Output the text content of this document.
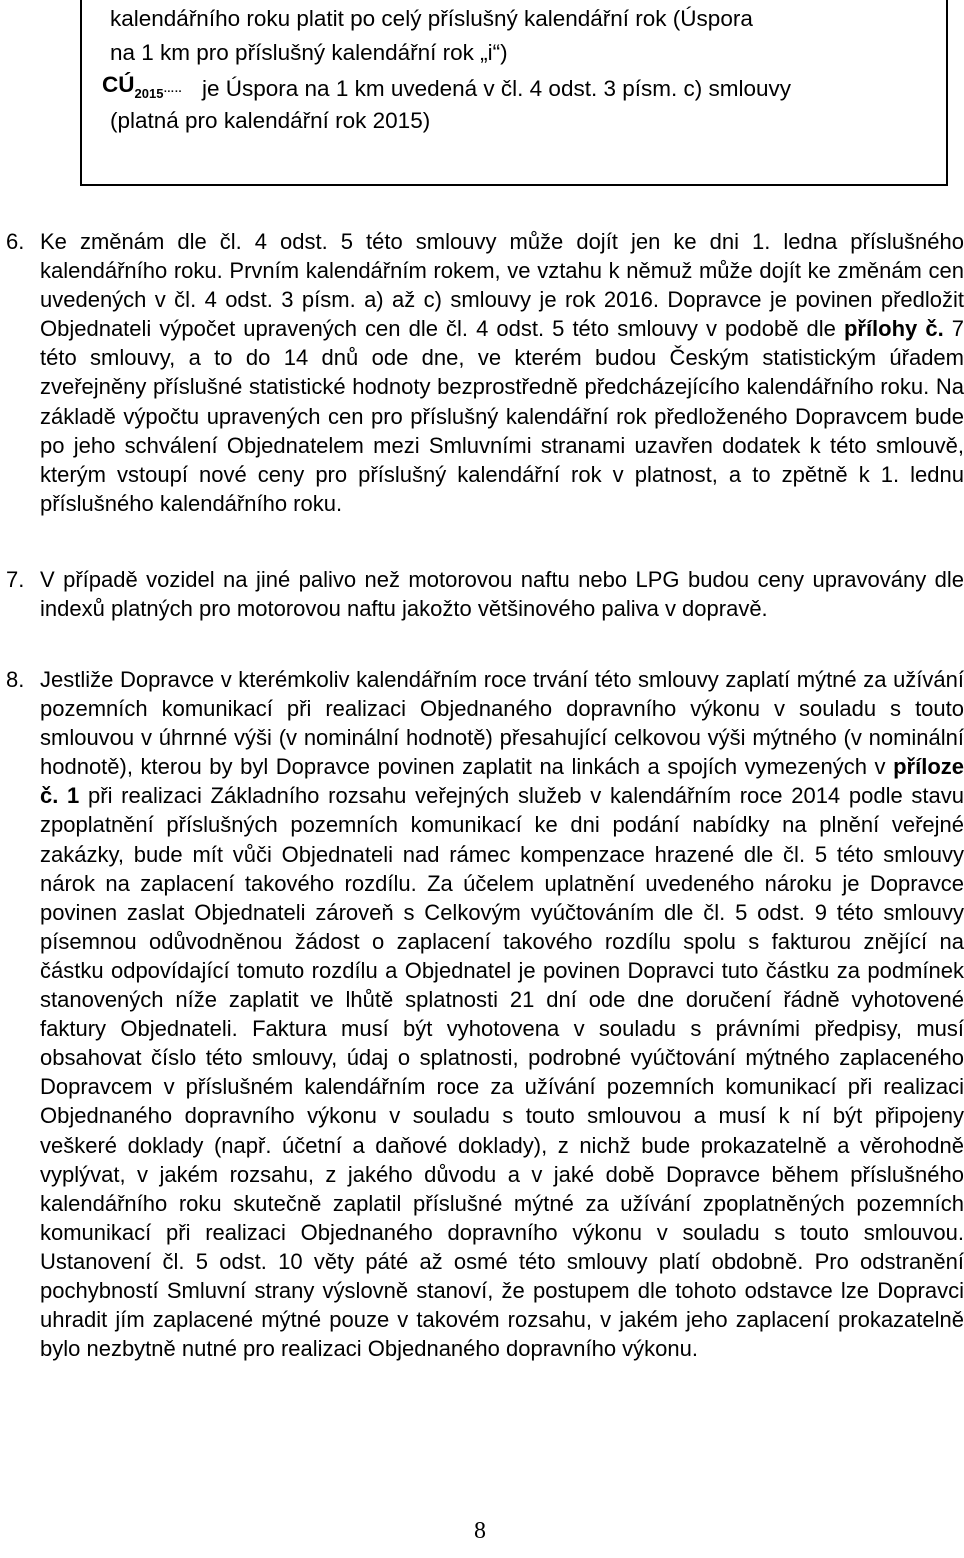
kalendářního roku platit po celý příslušný kalendářní rok (Úspora
na 1 km pro příslušný kalendářní rok „i“)
$CÚ_{2015}\dots$.. je Úspora na 1 km uvedená v čl. 4 odst. 3 písm. c) smlouvy
(platná pro kalendářní rok 2015)
6. Ke změnám dle čl. 4 odst. 5 této smlouvy může dojít jen ke dni 1. ledna příslušného kalendářního roku. Prvním kalendářním rokem, ve vztahu k němuž může dojít ke změnám cen uvedených v čl. 4 odst. 3 písm. a) až c) smlouvy je rok 2016. Dopravce je povinen předložit Objednateli výpočet upravených cen dle čl. 4 odst. 5 této smlouvy v podobě dle přílohy č. 7 této smlouvy, a to do 14 dnů ode dne, ve kterém budou Českým statistickým úřadem zveřejněny příslušné statistické hodnoty bezprostředně předcházejícího kalendářního roku. Na základě výpočtu upravených cen pro příslušný kalendářní rok předloženého Dopravcem bude po jeho schválení Objednatelem mezi Smluvními stranami uzavřen dodatek k této smlouvě, kterým vstoupí nové ceny pro příslušný kalendářní rok v platnost, a to zpětně k 1. lednu příslušného kalendářního roku.
7. V případě vozidel na jiné palivo než motorovou naftu nebo LPG budou ceny upravovány dle indexů platných pro motorovou naftu jakožto většinového paliva v dopravě.
8. Jestliže Dopravce v kterémkoliv kalendářním roce trvání této smlouvy zaplatí mýtné za užívání pozemních komunikací při realizaci Objednaného dopravního výkonu v souladu s touto smlouvou v úhrnné výši (v nominální hodnotě) přesahující celkovou výši mýtného (v nominální hodnotě), kterou by byl Dopravce povinen zaplatit na linkách a spojích vymezených v příloze č. 1 při realizaci Základního rozsahu veřejných služeb v kalendářním roce 2014 podle stavu zpoplatnění příslušných pozemních komunikací ke dni podání nabídky na plnění veřejné zakázky, bude mít vůči Objednateli nad rámec kompenzace hrazené dle čl. 5 této smlouvy nárok na zaplacení takového rozdílu. Za účelem uplatnění uvedeného nároku je Dopravce povinen zaslat Objednateli zároveň s Celkovým vyúčtováním dle čl. 5 odst. 9 této smlouvy písemnou odůvodněnou žádost o zaplacení takového rozdílu spolu s fakturou znějící na částku odpovídající tomuto rozdílu a Objednatel je povinen Dopravci tuto částku za podmínek stanovených níže zaplatit ve lhůtě splatnosti 21 dní ode dne doručení řádně vyhotovené faktury Objednateli. Faktura musí být vyhotovena v souladu s právními předpisy, musí obsahovat číslo této smlouvy, údaj o splatnosti, podrobné vyúčtování mýtného zaplaceného Dopravcem v příslušném kalendářním roce za užívání pozemních komunikací při realizaci Objednaného dopravního výkonu v souladu s touto smlouvou a musí k ní být připojeny veškeré doklady (např. účetní a daňové doklady), z nichž bude prokazatelně a věrohodně vyplývat, v jakém rozsahu, z jakého důvodu a v jaké době Dopravce během příslušného kalendářního roku skutečně zaplatil příslušné mýtné za užívání zpoplatněných pozemních komunikací při realizaci Objednaného dopravního výkonu v souladu s touto smlouvou. Ustanovení čl. 5 odst. 10 věty páté až osmé této smlouvy platí obdobně. Pro odstranění pochybností Smluvní strany výslovně stanoví, že postupem dle tohoto odstavce lze Dopravci uhradit jím zaplacené mýtné pouze v takovém rozsahu, v jakém jeho zaplacení prokazatelně bylo nezbytně nutné pro realizaci Objednaného dopravního výkonu.
8
